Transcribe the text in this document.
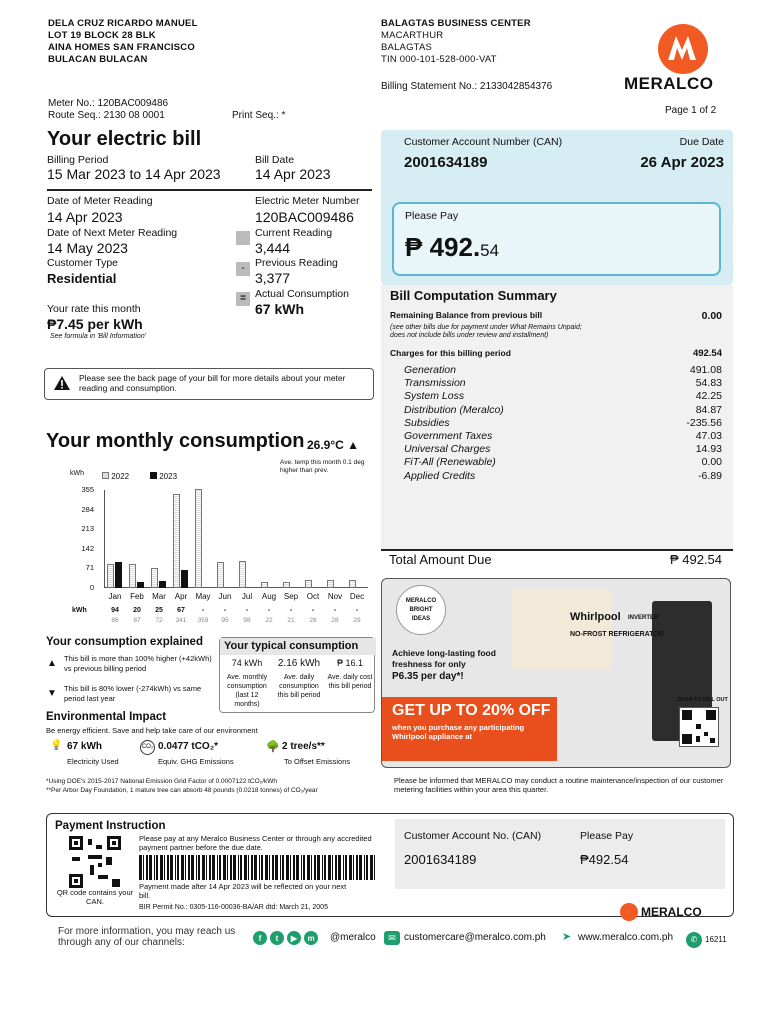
DELA CRUZ RICARDO MANUEL
LOT 19 BLOCK 28 BLK
AINA HOMES SAN FRANCISCO
BULACAN BULACAN
BALAGTAS BUSINESS CENTER
MACARTHUR
BALAGTAS
TIN 000-101-528-000-VAT
Billing Statement No.: 2133042854376	MERALCO
Meter No.: 120BAC009486
Route Seq.: 2130 08 0001	Print Seq.: *	Page 1 of 2
Your electric bill
Billing Period
15 Mar 2023 to 14 Apr 2023
Bill Date
14 Apr 2023
Date of Meter Reading
14 Apr 2023
Date of Next Meter Reading
14 May 2023
Customer Type
Residential
Electric Meter Number
120BAC009486
Current Reading
3,444
- Previous Reading
3,377
= Actual Consumption
67 kWh
Your rate this month
₱7.45 per kWh
See formula in 'Bill Information'
Please see the back page of your bill for more details about your meter reading and consumption.
Customer Account Number (CAN)
2001634189
Due Date
26 Apr 2023
Please Pay
₱ 492.54
Bill Computation Summary
Remaining Balance from previous bill	0.00
(see other bills due for payment under What Remains Unpaid;
does not include bills under review and installment)
Charges for this billing period	492.54
Generation	491.08
Transmission	54.83
System Loss	42.25
Distribution (Meralco)	84.87
Subsidies	-235.56
Government Taxes	47.03
Universal Charges	14.93
FiT-All (Renewable)	0.00
Applied Credits	-6.89
Total Amount Due	₱ 492.54
Your monthly consumption 26.9°C ▲
Ave. temp this month 0.1 deg higher than prev.
kWh	2022	2023
355
284
213
142
71
0
Jan	Feb	Mar	Apr	May Jun	Jul	Aug Sep	Oct	Nov Dec
kWh	94	20	25	67	-	-	-	-	-	-	-	-
86	87	72	341	359	95	98	22	21	28	28	29
Your consumption explained
▲ This bill is more than 100% higher (+42kWh) vs previous billing period
▼ This bill is 80% lower (-274kWh) vs same period last year
Your typical consumption
74 kWh	2.16 kWh	₱ 16.1
Ave. monthly consumption (last 12 months)
Ave. daily consumption this bill period
Ave. daily cost this bill period
Environmental Impact
Be energy efficient. Save and help take care of our environment
💡 67 kWh
Electricity Used
CO₂ 0.0477 tCO₂*
Equiv. GHG Emissions
🌳 2 tree/s**
To Offset Emissions
*Using DOE's 2015-2017 National Emission Grid Factor of 0.0007122 tCO₂/kWh
**Per Arbor Day Foundation, 1 mature tree can absorb 48 pounds (0.0218 tonnes) of CO₂/year
MERALCO BRIGHT IDEAS	Whirlpool INVERTER
NO-FROST REFRIGERATOR
Achieve long-lasting food
freshness for only
P6.35 per day*!
GET UP TO 20% OFF
when you purchase any participating Whirlpool appliance at
SCAN TO FILL OUT
Please be informed that MERALCO may conduct a routine maintenance/inspection of our customer metering facilities within your area this quarter.
Payment Instruction
QR code contains your CAN.
Please pay at any Meralco Business Center or through any accredited payment partner before the due date.
Payment made after 14 Apr 2023 will be reflected on your next bill.
BIR Permit No.: 0305-116-00036-BA/AR dtd: March 21, 2005
Customer Account No. (CAN)
2001634189
Please Pay
₱492.54
MERALCO
For more information, you may reach us through any of our channels:	f	t	▶	m	@meralco	✉ customercare@meralco.com.ph ➤ www.meralco.com.ph	✆ 16211
